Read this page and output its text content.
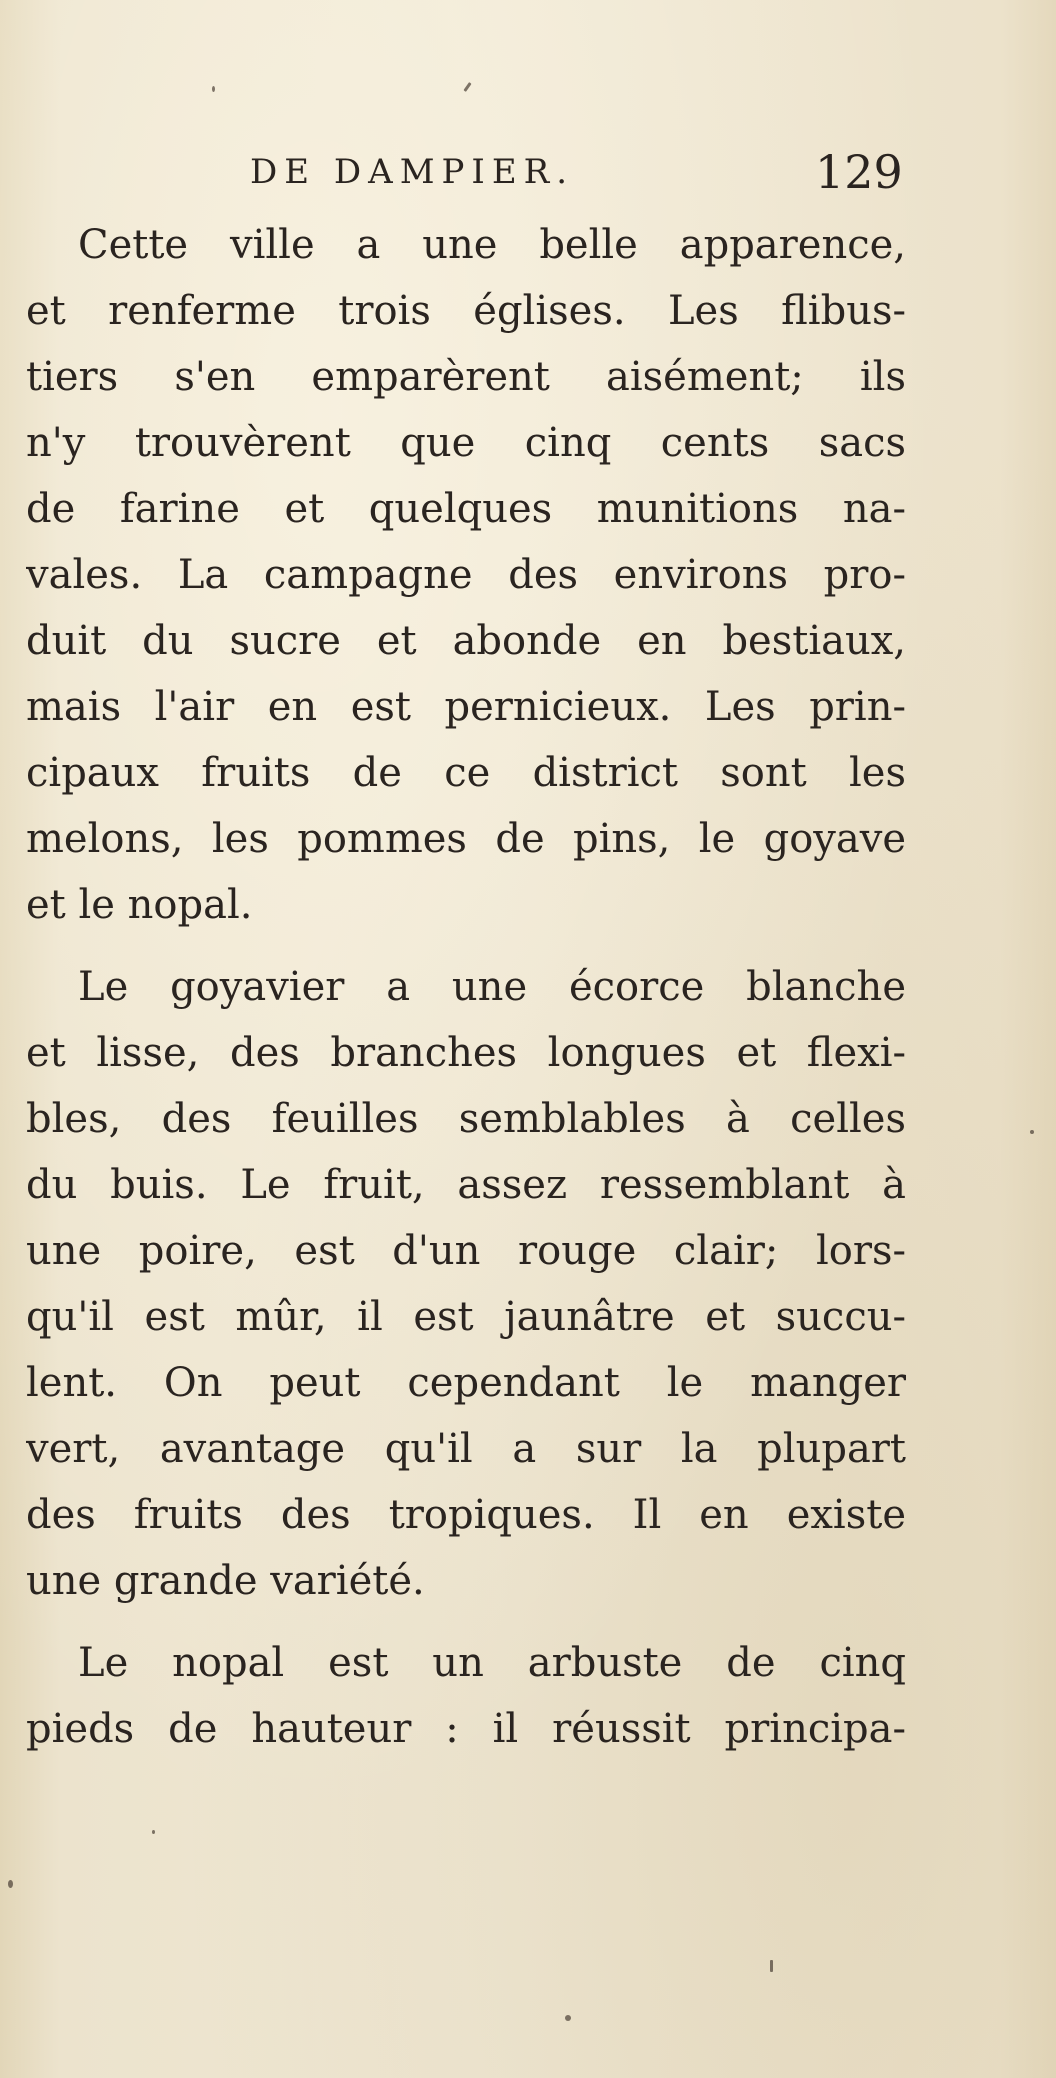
DE DAMPIER.	129
Cette ville a une belle apparence,
et renferme trois églises. Les flibus-
tiers s'en emparèrent aisément; ils
n'y trouvèrent que cinq cents sacs
de farine et quelques munitions na-
vales. La campagne des environs pro-
duit du sucre et abonde en bestiaux,
mais l'air en est pernicieux. Les prin-
cipaux fruits de ce district sont les
melons, les pommes de pins, le goyave
et le nopal.
Le goyavier a une écorce blanche
et lisse, des branches longues et flexi-
bles, des feuilles semblables à celles
du buis. Le fruit, assez ressemblant à
une poire, est d'un rouge clair; lors-
qu'il est mûr, il est jaunâtre et succu-
lent. On peut cependant le manger
vert, avantage qu'il a sur la plupart
des fruits des tropiques. Il en existe
une grande variété.
Le nopal est un arbuste de cinq
pieds de hauteur : il réussit principa-
